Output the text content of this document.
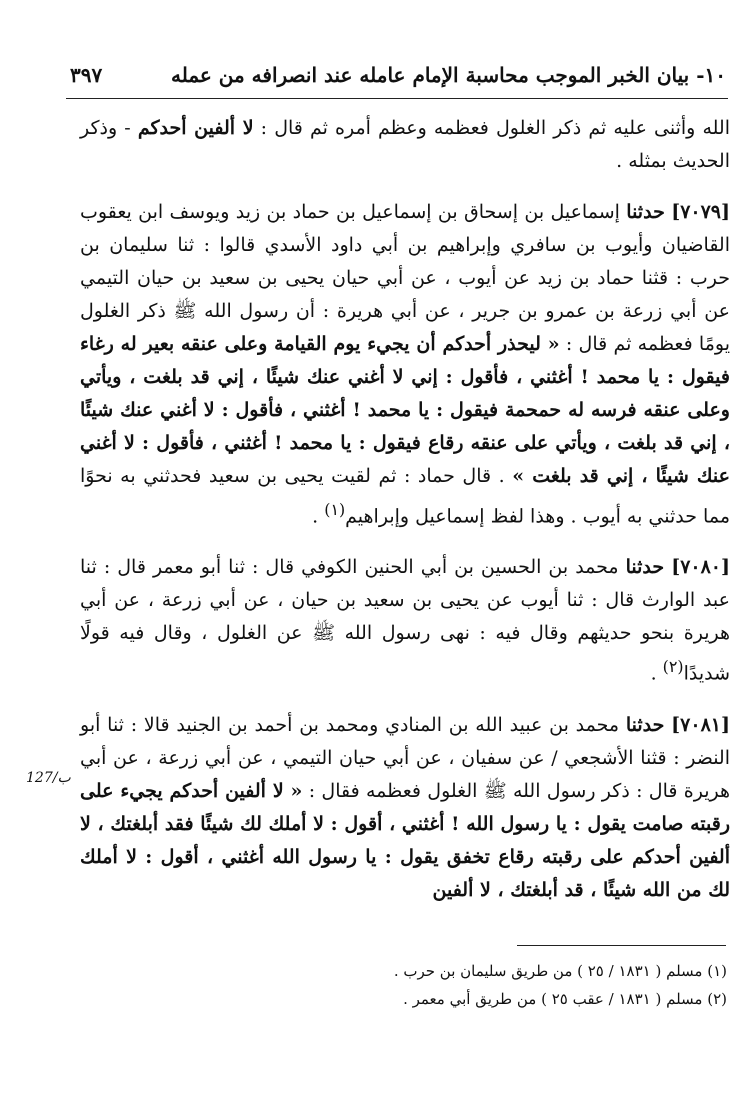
١٠- بيان الخبر الموجب محاسبة الإمام عامله عند انصرافه من عمله
٣٩٧

الله وأثنى عليه ثم ذكر الغلول فعظمه وعظم أمره ثم قال : لا ألفين أحدكم - وذكر الحديث بمثله .

[٧٠٧٩] حدثنا إسماعيل بن إسحاق بن إسماعيل بن حماد بن زيد ويوسف ابن يعقوب القاضيان وأيوب بن سافري وإبراهيم بن أبي داود الأسدي قالوا : ثنا سليمان بن حرب : قثنا حماد بن زيد عن أيوب ، عن أبي حيان يحيى بن سعيد بن حيان التيمي عن أبي زرعة بن عمرو بن جرير ، عن أبي هريرة : أن رسول الله ﷺ ذكر الغلول يومًا فعظمه ثم قال : « ليحذر أحدكم أن يجيء يوم القيامة وعلى عنقه بعير له رغاء فيقول : يا محمد ! أغثني ، فأقول : إني لا أغني عنك شيئًا ، إني قد بلغت ، ويأتي وعلى عنقه فرسه له حمحمة فيقول : يا محمد ! أغثني ، فأقول : لا أغني عنك شيئًا ، إني قد بلغت ، ويأتي على عنقه رقاع فيقول : يا محمد ! أغثني ، فأقول : لا أغني عنك شيئًا ، إني قد بلغت » . قال حماد : ثم لقيت يحيى بن سعيد فحدثني به نحوًا مما حدثني به أيوب . وهذا لفظ إسماعيل وإبراهيم$^{(١)}$ .

[٧٠٨٠] حدثنا محمد بن الحسين بن أبي الحنين الكوفي قال : ثنا أبو معمر قال : ثنا عبد الوارث قال : ثنا أيوب عن يحيى بن سعيد بن حيان ، عن أبي زرعة ، عن أبي هريرة بنحو حديثهم وقال فيه : نهى رسول الله ﷺ عن الغلول ، وقال فيه قولًا شديدًا$^{(٢)}$ .

[٧٠٨١] حدثنا محمد بن عبيد الله بن المنادي ومحمد بن أحمد بن الجنيد قالا : ثنا أبو النضر : قثنا الأشجعي / عن سفيان ، عن أبي حيان التيمي ، عن أبي زرعة ، عن أبي هريرة قال : ذكر رسول الله ﷺ الغلول فعظمه فقال : « لا ألفين أحدكم يجيء على رقبته صامت يقول : يا رسول الله ! أغثني ، أقول : لا أملك لك شيئًا فقد أبلغتك ، لا ألفين أحدكم على رقبته رقاع تخفق يقول : يا رسول الله أغثني ، أقول : لا أملك لك من الله شيئًا ، قد أبلغتك ، لا ألفين

127/ب

(١) مسلم ( ١٨٣١ / ٢٥ ) من طريق سليمان بن حرب .

(٢) مسلم ( ١٨٣١ / عقب ٢٥ ) من طريق أبي معمر .
